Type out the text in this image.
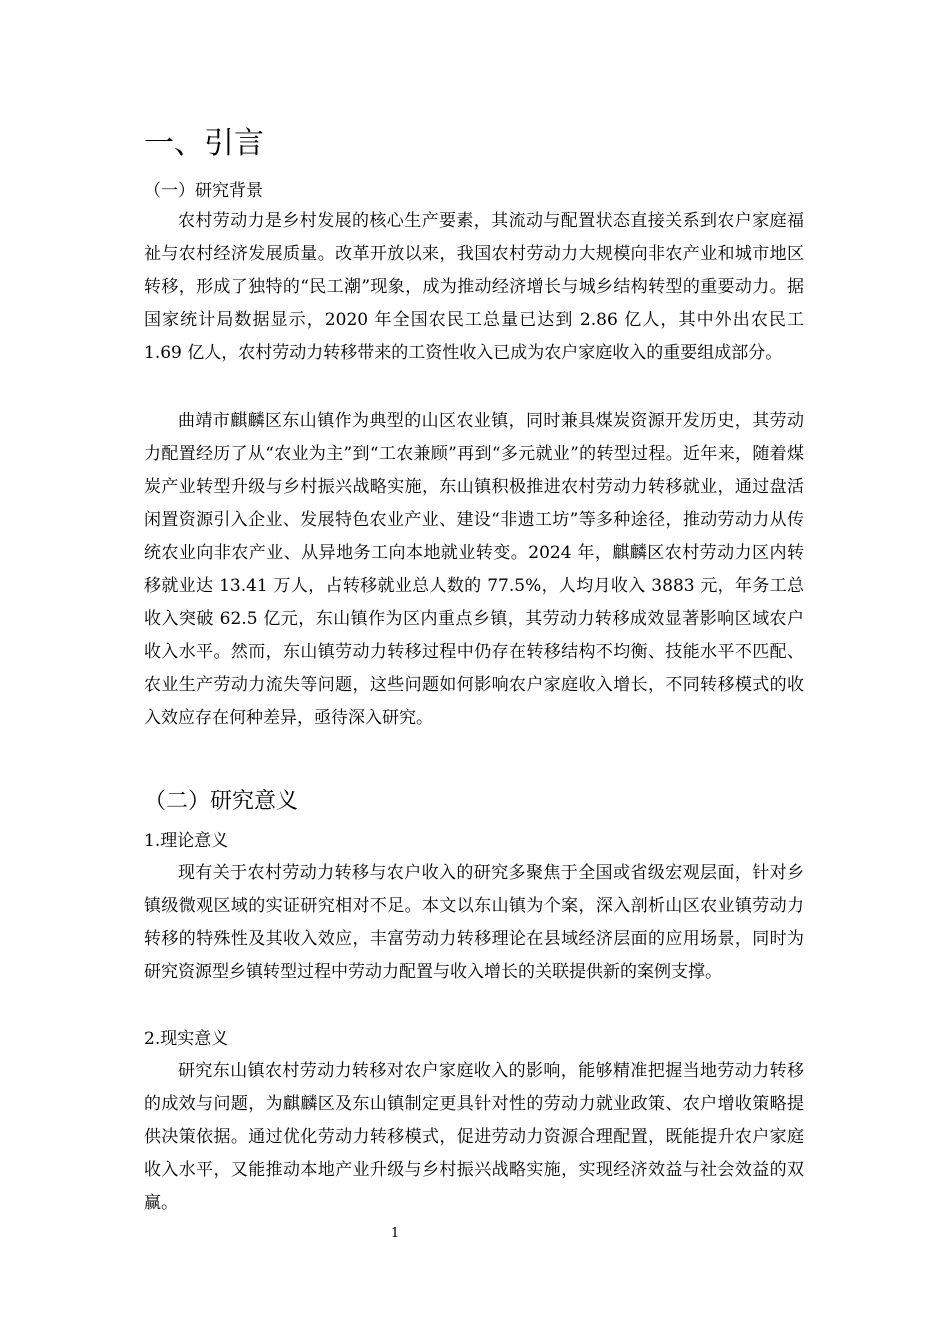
一、引言

（一）研究背景

农村劳动力是乡村发展的核心生产要素，其流动与配置状态直接关系到农户家庭福祉与农村经济发展质量。改革开放以来，我国农村劳动力大规模向非农产业和城市地区转移，形成了独特的“民工潮”现象，成为推动经济增长与城乡结构转型的重要动力。据国家统计局数据显示，2020 年全国农民工总量已达到 2.86 亿人，其中外出农民工 1.69 亿人，农村劳动力转移带来的工资性收入已成为农户家庭收入的重要组成部分。

曲靖市麒麟区东山镇作为典型的山区农业镇，同时兼具煤炭资源开发历史，其劳动力配置经历了从“农业为主”到“工农兼顾”再到“多元就业”的转型过程。近年来，随着煤炭产业转型升级与乡村振兴战略实施，东山镇积极推进农村劳动力转移就业，通过盘活闲置资源引入企业、发展特色农业产业、建设“非遗工坊”等多种途径，推动劳动力从传统农业向非农产业、从异地务工向本地就业转变。2024 年，麒麟区农村劳动力区内转移就业达 13.41 万人，占转移就业总人数的 77.5%，人均月收入 3883 元，年务工总收入突破 62.5 亿元，东山镇作为区内重点乡镇，其劳动力转移成效显著影响区域农户收入水平。然而，东山镇劳动力转移过程中仍存在转移结构不均衡、技能水平不匹配、农业生产劳动力流失等问题，这些问题如何影响农户家庭收入增长，不同转移模式的收入效应存在何种差异，亟待深入研究。

（二）研究意义

1.理论意义

现有关于农村劳动力转移与农户收入的研究多聚焦于全国或省级宏观层面，针对乡镇级微观区域的实证研究相对不足。本文以东山镇为个案，深入剖析山区农业镇劳动力转移的特殊性及其收入效应，丰富劳动力转移理论在县域经济层面的应用场景，同时为研究资源型乡镇转型过程中劳动力配置与收入增长的关联提供新的案例支撑。

2.现实意义

研究东山镇农村劳动力转移对农户家庭收入的影响，能够精准把握当地劳动力转移的成效与问题，为麒麟区及东山镇制定更具针对性的劳动力就业政策、农户增收策略提供决策依据。通过优化劳动力转移模式，促进劳动力资源合理配置，既能提升农户家庭收入水平，又能推动本地产业升级与乡村振兴战略实施，实现经济效益与社会效益的双赢。

1
